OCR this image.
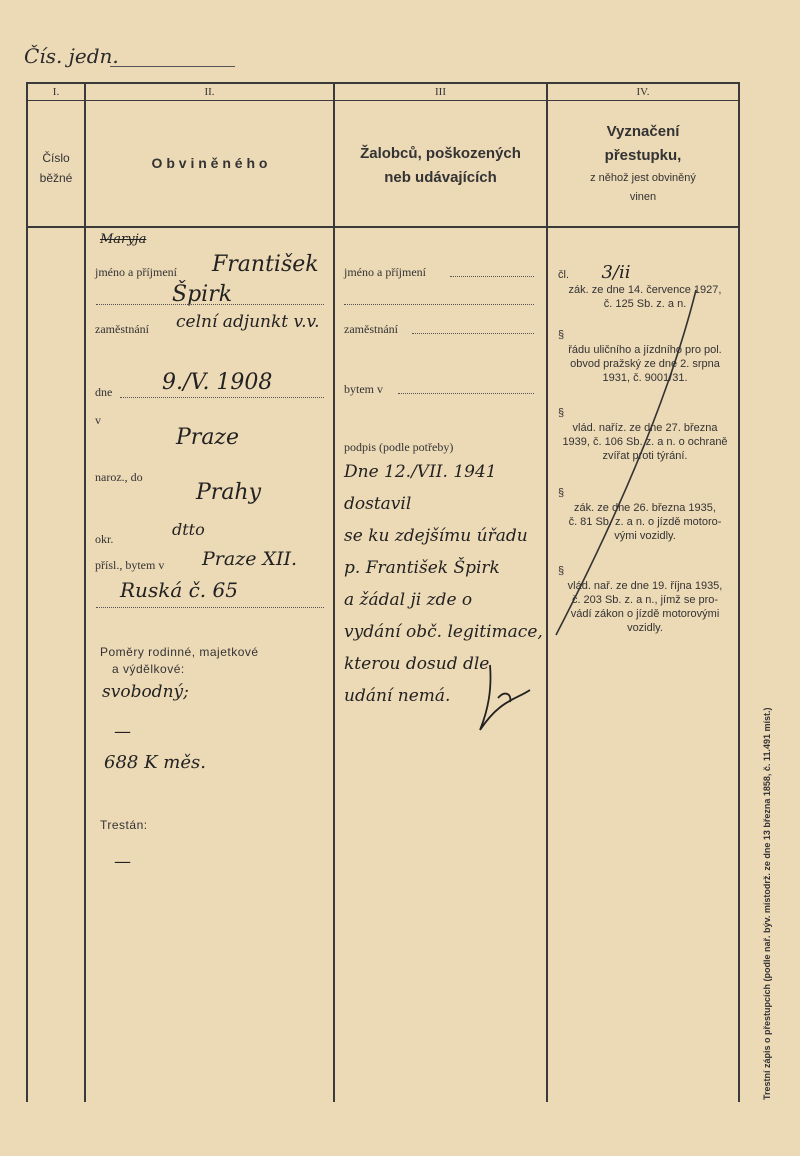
Čís. jedn.
I.	II.	III	IV.
Číslo
běžné
O b v i n ě n é h o
Žalobců, poškozených
neb udávajících
Vyznačení
přestupku,
z něhož jest obviněný
vinen
Maryja
jméno a příjmení František
Špirk
zaměstnání celní adjunkt v.v.
dne 9./V. 1908
v
Praze
naroz., do
Prahy
okr.	dtto
přísl., bytem v Praze XII.
Ruská č. 65
Poměry rodinné, majetkové
a výdělkové:
svobodný;
—
688 K měs.
Trestán:
—
jméno a příjmení
zaměstnání
bytem v
podpis (podle potřeby)
Dne 12./VII. 1941 dostavil
se ku zdejšímu úřadu
p. František Špirk
a žádal ji zde o
vydání obč. legitimace,
kterou dosud dle
udání nemá.
čl. 3/ii
zák. ze dne 14. července 1927,
č. 125 Sb. z. a n.
§
řádu uličního a jízdního pro pol.
obvod pražský ze dne 2. srpna
1931, č. 9001/31.
§
vlád. naříz. ze dne 27. března
1939, č. 106 Sb. z. a n. o ochraně
zvířat proti týrání.
§
zák. ze dne 26. března 1935,
č. 81 Sb. z. a n. o jízdě motoro-
vými vozidly.
§
vlád. nař. ze dne 19. října 1935,
č. 203 Sb. z. a n., jímž se pro-
vádí zákon o jízdě motorovými
vozidly.
Trestní zápis o přestupcích (podle nař. býv. místodrž. ze dne 13 března 1858, č. 11.491 míst.)
